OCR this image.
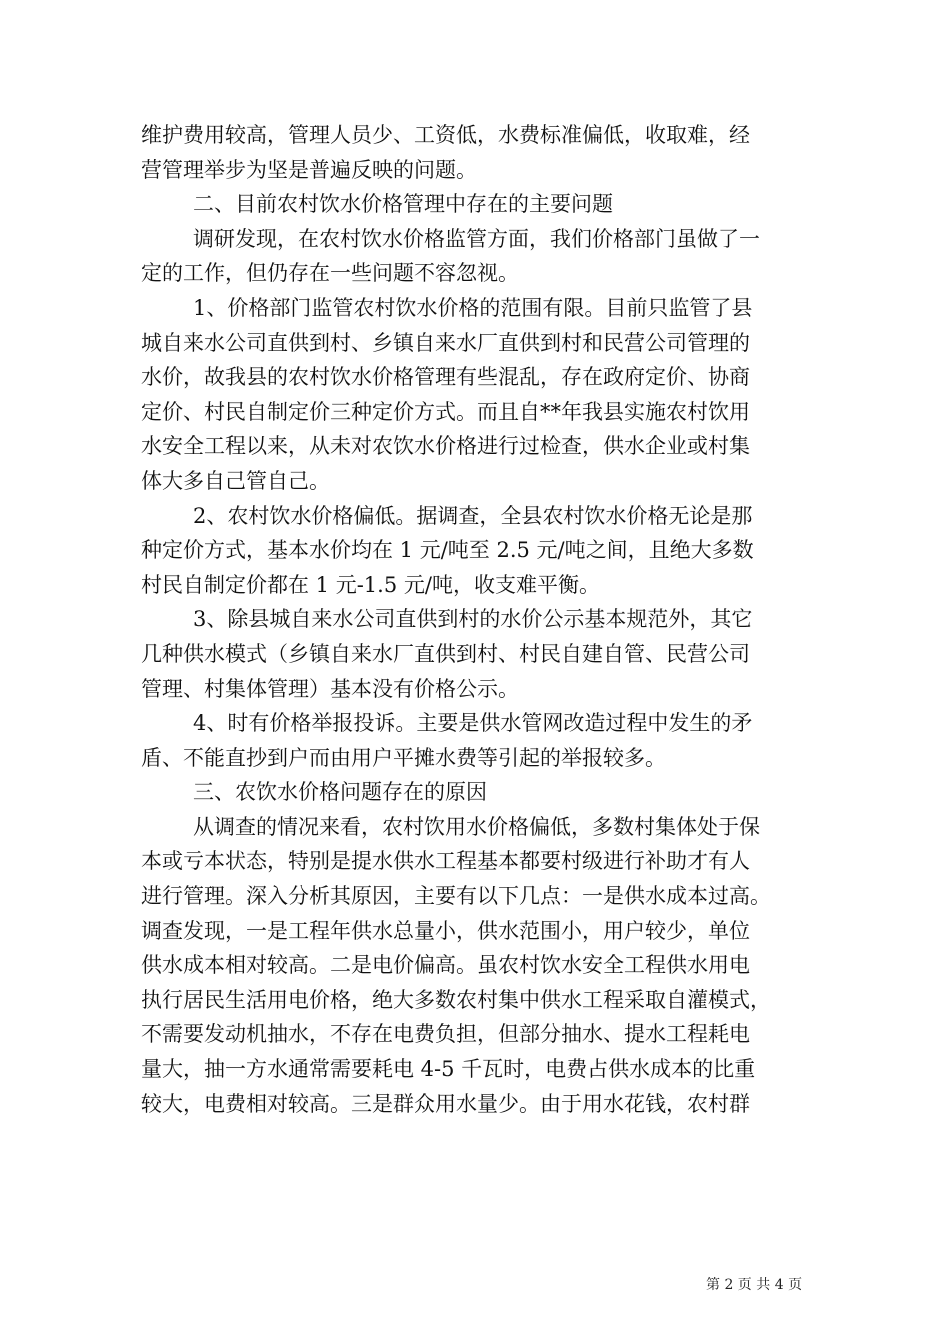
维护费用较高，管理人员少、工资低，水费标准偏低，收取难，经
营管理举步为坚是普遍反映的问题。
二、目前农村饮水价格管理中存在的主要问题
调研发现，在农村饮水价格监管方面，我们价格部门虽做了一
定的工作，但仍存在一些问题不容忽视。
1、价格部门监管农村饮水价格的范围有限。目前只监管了县
城自来水公司直供到村、乡镇自来水厂直供到村和民营公司管理的
水价，故我县的农村饮水价格管理有些混乱，存在政府定价、协商
定价、村民自制定价三种定价方式。而且自**年我县实施农村饮用
水安全工程以来，从未对农饮水价格进行过检查，供水企业或村集
体大多自己管自己。
2、农村饮水价格偏低。据调查，全县农村饮水价格无论是那
种定价方式，基本水价均在 1 元/吨至 2.5 元/吨之间，且绝大多数
村民自制定价都在 1 元-1.5 元/吨，收支难平衡。
3、除县城自来水公司直供到村的水价公示基本规范外，其它
几种供水模式（乡镇自来水厂直供到村、村民自建自管、民营公司
管理、村集体管理）基本没有价格公示。
4、时有价格举报投诉。主要是供水管网改造过程中发生的矛
盾、不能直抄到户而由用户平摊水费等引起的举报较多。
三、农饮水价格问题存在的原因
从调查的情况来看，农村饮用水价格偏低，多数村集体处于保
本或亏本状态，特别是提水供水工程基本都要村级进行补助才有人
进行管理。深入分析其原因，主要有以下几点：一是供水成本过高。
调查发现，一是工程年供水总量小，供水范围小，用户较少，单位
供水成本相对较高。二是电价偏高。虽农村饮水安全工程供水用电
执行居民生活用电价格，绝大多数农村集中供水工程采取自灌模式，
不需要发动机抽水，不存在电费负担，但部分抽水、提水工程耗电
量大，抽一方水通常需要耗电 4-5 千瓦时，电费占供水成本的比重
较大，电费相对较高。三是群众用水量少。由于用水花钱，农村群
第 2 页 共 4 页
